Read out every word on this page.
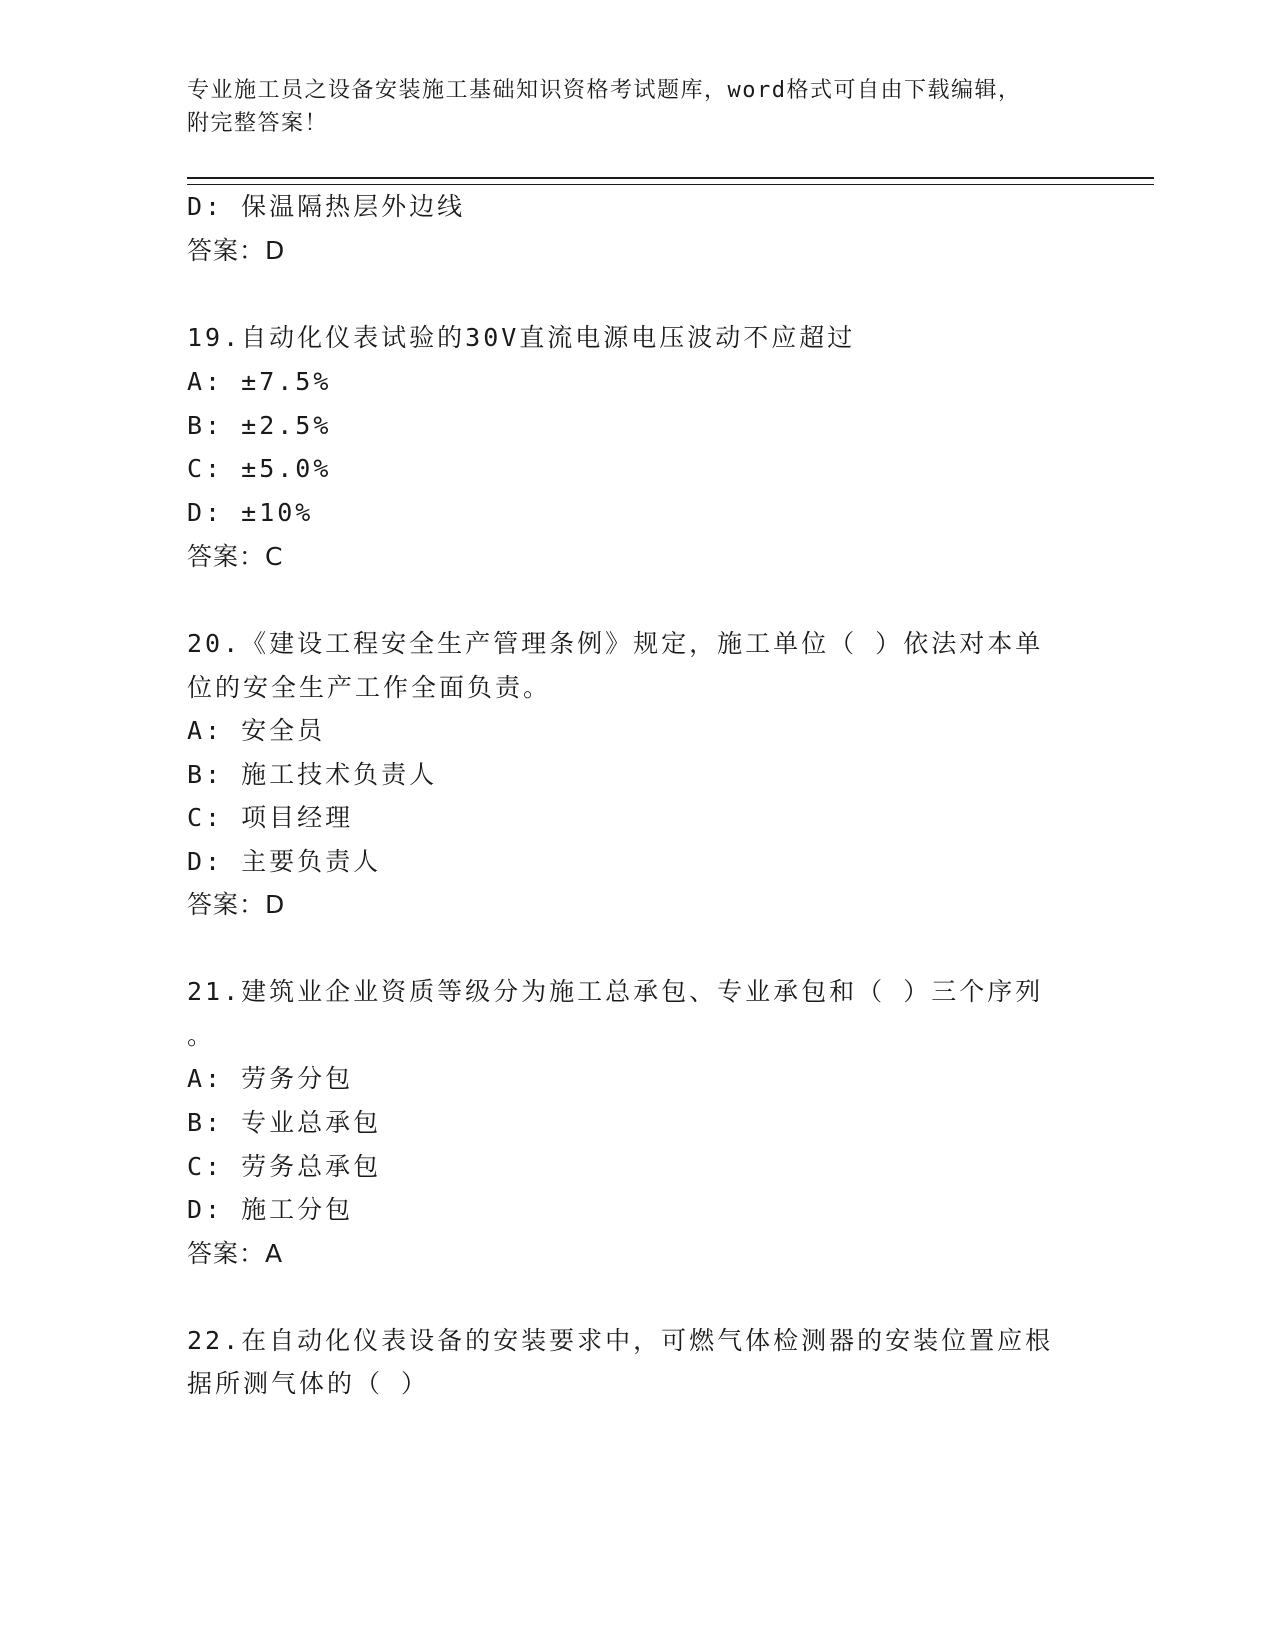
专业施工员之设备安装施工基础知识资格考试题库，word格式可自由下载编辑，
附完整答案！
D: 保温隔热层外边线
答案：D
19.自动化仪表试验的30V直流电源电压波动不应超过
A: ±7.5%
B: ±2.5%
C: ±5.0%
D: ±10%
答案：C
20.《建设工程安全生产管理条例》规定，施工单位（ ）依法对本单
位的安全生产工作全面负责。
A: 安全员
B: 施工技术负责人
C: 项目经理
D: 主要负责人
答案：D
21.建筑业企业资质等级分为施工总承包、专业承包和（ ）三个序列
。
A: 劳务分包
B: 专业总承包
C: 劳务总承包
D: 施工分包
答案：A
22.在自动化仪表设备的安装要求中，可燃气体检测器的安装位置应根
据所测气体的（ ）
